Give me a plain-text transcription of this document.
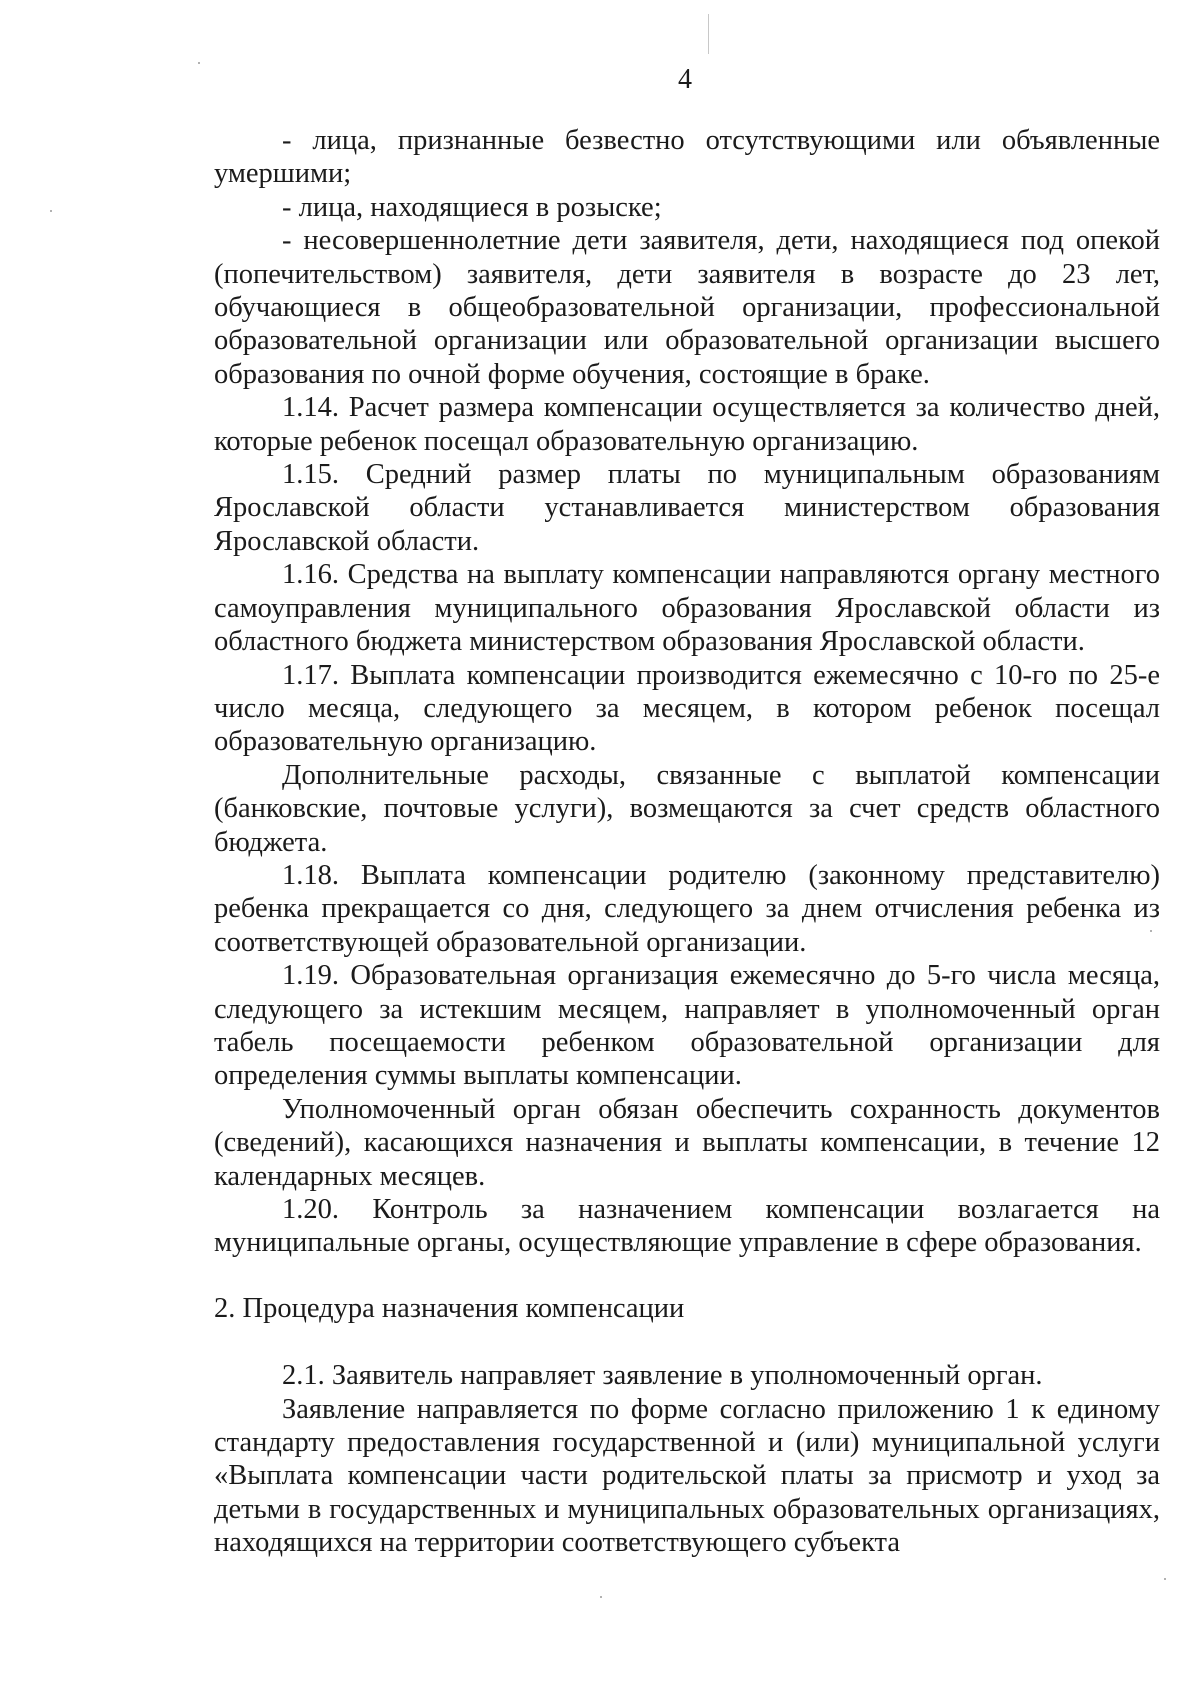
4

- лица, признанные безвестно отсутствующими или объявленные умершими;

- лица, находящиеся в розыске;

- несовершеннолетние дети заявителя, дети, находящиеся под опекой (попечительством) заявителя, дети заявителя в возрасте до 23 лет, обучающиеся в общеобразовательной организации, профессиональной образовательной организации или образовательной организации высшего образования по очной форме обучения, состоящие в браке.

1.14. Расчет размера компенсации осуществляется за количество дней, которые ребенок посещал образовательную организацию.

1.15. Средний размер платы по муниципальным образованиям Ярославской области устанавливается министерством образования Ярославской области.

1.16. Средства на выплату компенсации направляются органу местного самоуправления муниципального образования Ярославской области из областного бюджета министерством образования Ярославской области.

1.17. Выплата компенсации производится ежемесячно с 10-го по 25-е число месяца, следующего за месяцем, в котором ребенок посещал образовательную организацию.

Дополнительные расходы, связанные с выплатой компенсации (банковские, почтовые услуги), возмещаются за счет средств областного бюджета.

1.18. Выплата компенсации родителю (законному представителю) ребенка прекращается со дня, следующего за днем отчисления ребенка из соответствующей образовательной организации.

1.19. Образовательная организация ежемесячно до 5-го числа месяца, следующего за истекшим месяцем, направляет в уполномоченный орган табель посещаемости ребенком образовательной организации для определения суммы выплаты компенсации.

Уполномоченный орган обязан обеспечить сохранность документов (сведений), касающихся назначения и выплаты компенсации, в течение 12 календарных месяцев.

1.20. Контроль за назначением компенсации возлагается на муниципальные органы, осуществляющие управление в сфере образования.

2. Процедура назначения компенсации

2.1. Заявитель направляет заявление в уполномоченный орган.

Заявление направляется по форме согласно приложению 1 к единому стандарту предоставления государственной и (или) муниципальной услуги «Выплата компенсации части родительской платы за присмотр и уход за детьми в государственных и муниципальных образовательных организациях, находящихся на территории соответствующего субъекта
